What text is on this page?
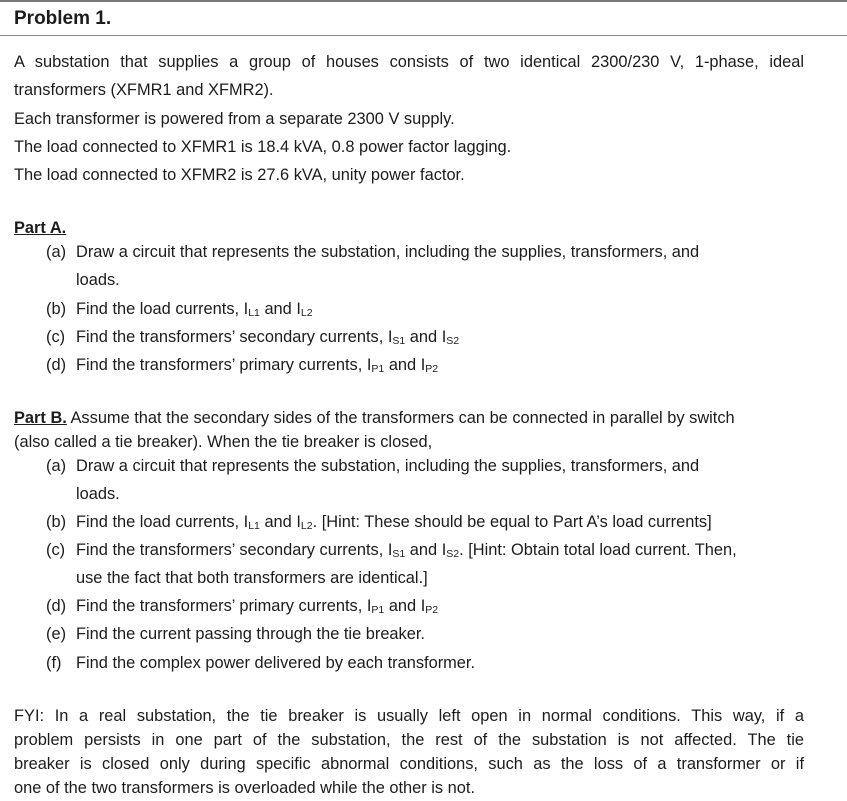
Problem 1.
A substation that supplies a group of houses consists of two identical 2300/230 V, 1-phase, ideal
transformers (XFMR1 and XFMR2).
Each transformer is powered from a separate 2300 V supply.
The load connected to XFMR1 is 18.4 kVA, 0.8 power factor lagging.
The load connected to XFMR2 is 27.6 kVA, unity power factor.
Part A.
(a) Draw a circuit that represents the substation, including the supplies, transformers, and
loads.
(b) Find the load currents, $I_{L1}$ and $I_{L2}$
(c) Find the transformers’ secondary currents, $I_{S1}$ and $I_{S2}$
(d) Find the transformers’ primary currents, $I_{P1}$ and $I_{P2}$
Part B. Assume that the secondary sides of the transformers can be connected in parallel by switch
(also called a tie breaker). When the tie breaker is closed,
(a) Draw a circuit that represents the substation, including the supplies, transformers, and
loads.
(b) Find the load currents, $I_{L1}$ and $I_{L2}$. [Hint: These should be equal to Part A’s load currents]
(c) Find the transformers’ secondary currents, $I_{S1}$ and $I_{S2}$. [Hint: Obtain total load current. Then,
use the fact that both transformers are identical.]
(d) Find the transformers’ primary currents, $I_{P1}$ and $I_{P2}$
(e) Find the current passing through the tie breaker.
(f) Find the complex power delivered by each transformer.
FYI: In a real substation, the tie breaker is usually left open in normal conditions. This way, if a
problem persists in one part of the substation, the rest of the substation is not affected. The tie
breaker is closed only during specific abnormal conditions, such as the loss of a transformer or if
one of the two transformers is overloaded while the other is not.
